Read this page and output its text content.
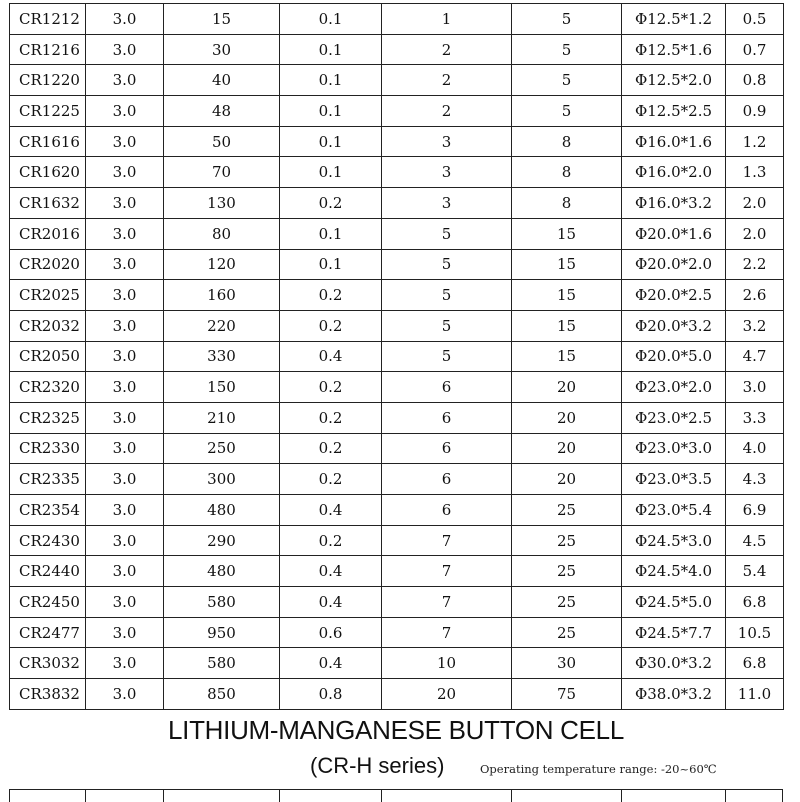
CR1212	3.0	15	0.1	1	5	Φ12.5*1.2	0.5
CR1216	3.0	30	0.1	2	5	Φ12.5*1.6	0.7
CR1220	3.0	40	0.1	2	5	Φ12.5*2.0	0.8
CR1225	3.0	48	0.1	2	5	Φ12.5*2.5	0.9
CR1616	3.0	50	0.1	3	8	Φ16.0*1.6	1.2
CR1620	3.0	70	0.1	3	8	Φ16.0*2.0	1.3
CR1632	3.0	130	0.2	3	8	Φ16.0*3.2	2.0
CR2016	3.0	80	0.1	5	15	Φ20.0*1.6	2.0
CR2020	3.0	120	0.1	5	15	Φ20.0*2.0	2.2
CR2025	3.0	160	0.2	5	15	Φ20.0*2.5	2.6
CR2032	3.0	220	0.2	5	15	Φ20.0*3.2	3.2
CR2050	3.0	330	0.4	5	15	Φ20.0*5.0	4.7
CR2320	3.0	150	0.2	6	20	Φ23.0*2.0	3.0
CR2325	3.0	210	0.2	6	20	Φ23.0*2.5	3.3
CR2330	3.0	250	0.2	6	20	Φ23.0*3.0	4.0
CR2335	3.0	300	0.2	6	20	Φ23.0*3.5	4.3
CR2354	3.0	480	0.4	6	25	Φ23.0*5.4	6.9
CR2430	3.0	290	0.2	7	25	Φ24.5*3.0	4.5
CR2440	3.0	480	0.4	7	25	Φ24.5*4.0	5.4
CR2450	3.0	580	0.4	7	25	Φ24.5*5.0	6.8
CR2477	3.0	950	0.6	7	25	Φ24.5*7.7	10.5
CR3032	3.0	580	0.4	10	30	Φ30.0*3.2	6.8
CR3832	3.0	850	0.8	20	75	Φ38.0*3.2	11.0
LITHIUM-MANGANESE BUTTON CELL
(CR-H series)	Operating temperature range: -20~60℃
